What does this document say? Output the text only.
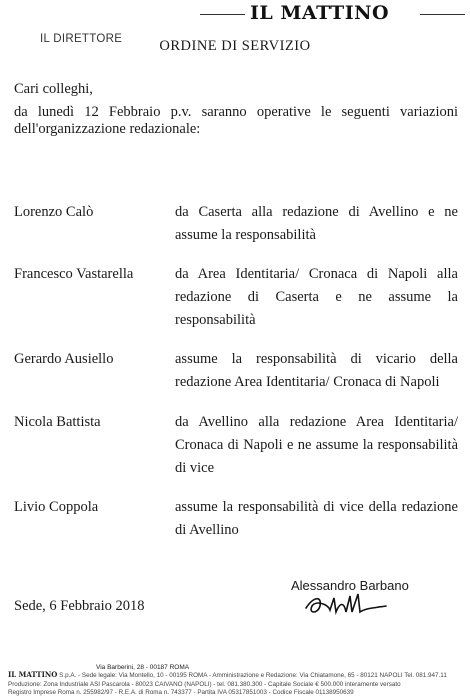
IL MATTINO
IL DIRETTORE	ORDINE DI SERVIZIO
Cari colleghi,
da lunedì 12 Febbraio p.v. saranno operative le seguenti variazioni
dell'organizzazione redazionale:
Lorenzo Calò	da Caserta alla redazione di Avellino e ne
assume la responsabilità
Francesco Vastarella	da Area Identitaria/ Cronaca di Napoli alla
redazione di Caserta e ne assume la
responsabilità
Gerardo Ausiello	assume la responsabilità di vicario della
redazione Area Identitaria/ Cronaca di Napoli
Nicola Battista	da Avellino alla redazione Area Identitaria/
Cronaca di Napoli e ne assume la responsabilità
di vice
Livio Coppola	assume la responsabilità di vice della redazione
di Avellino
Alessandro Barbano
Sede, 6 Febbraio 2018
Via Barberini, 28 - 00187 ROMA
IL MATTINO S.p.A. - Sede legale: Via Montello, 10 - 00195 ROMA - Amministrazione e Redazione: Via Chiatamone, 65 - 80121 NAPOLI Tel. 081.947.11
Produzione: Zona Industriale ASI Pascarola - 80023 CAIVANO (NAPOLI) - tel. 081.380.300 - Capitale Sociale € 500.000 interamente versato
Registro Imprese Roma n. 255982/97 - R.E.A. di Roma n. 743377 - Partita IVA 05317851003 - Codice Fiscale 01138950639
